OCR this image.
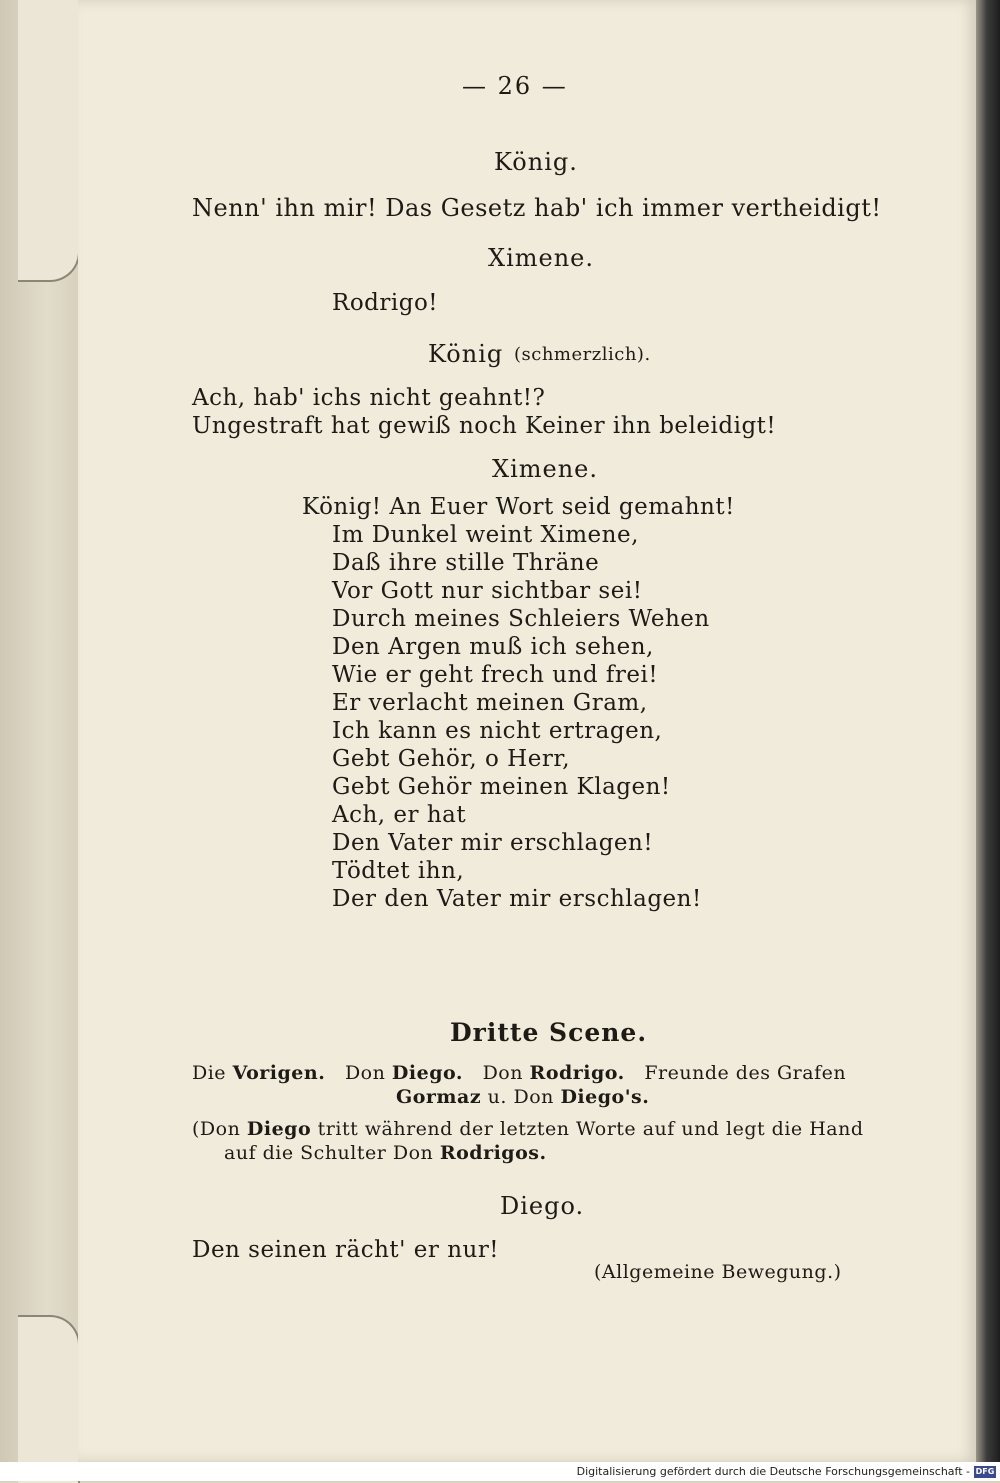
— 26 —
König.
Nenn' ihn mir! Das Gesetz hab' ich immer vertheidigt!
Ximene.
Rodrigo!
König (schmerzlich).
Ach, hab' ichs nicht geahnt!?
Ungestraft hat gewiß noch Keiner ihn beleidigt!
Ximene.
König! An Euer Wort seid gemahnt!
Im Dunkel weint Ximene,
Daß ihre stille Thräne
Vor Gott nur sichtbar sei!
Durch meines Schleiers Wehen
Den Argen muß ich sehen,
Wie er geht frech und frei!
Er verlacht meinen Gram,
Ich kann es nicht ertragen,
Gebt Gehör, o Herr,
Gebt Gehör meinen Klagen!
Ach, er hat
Den Vater mir erschlagen!
Tödtet ihn,
Der den Vater mir erschlagen!
Dritte Scene.
Die Vorigen. Don Diego. Don Rodrigo. Freunde des Grafen
Gormaz u. Don Diego's.
(Don Diego tritt während der letzten Worte auf und legt die Hand
auf die Schulter Don Rodrigos.
Diego.
Den seinen rächt' er nur!
(Allgemeine Bewegung.)
Digitalisierung gefördert durch die Deutsche Forschungsgemeinschaft - DFG
